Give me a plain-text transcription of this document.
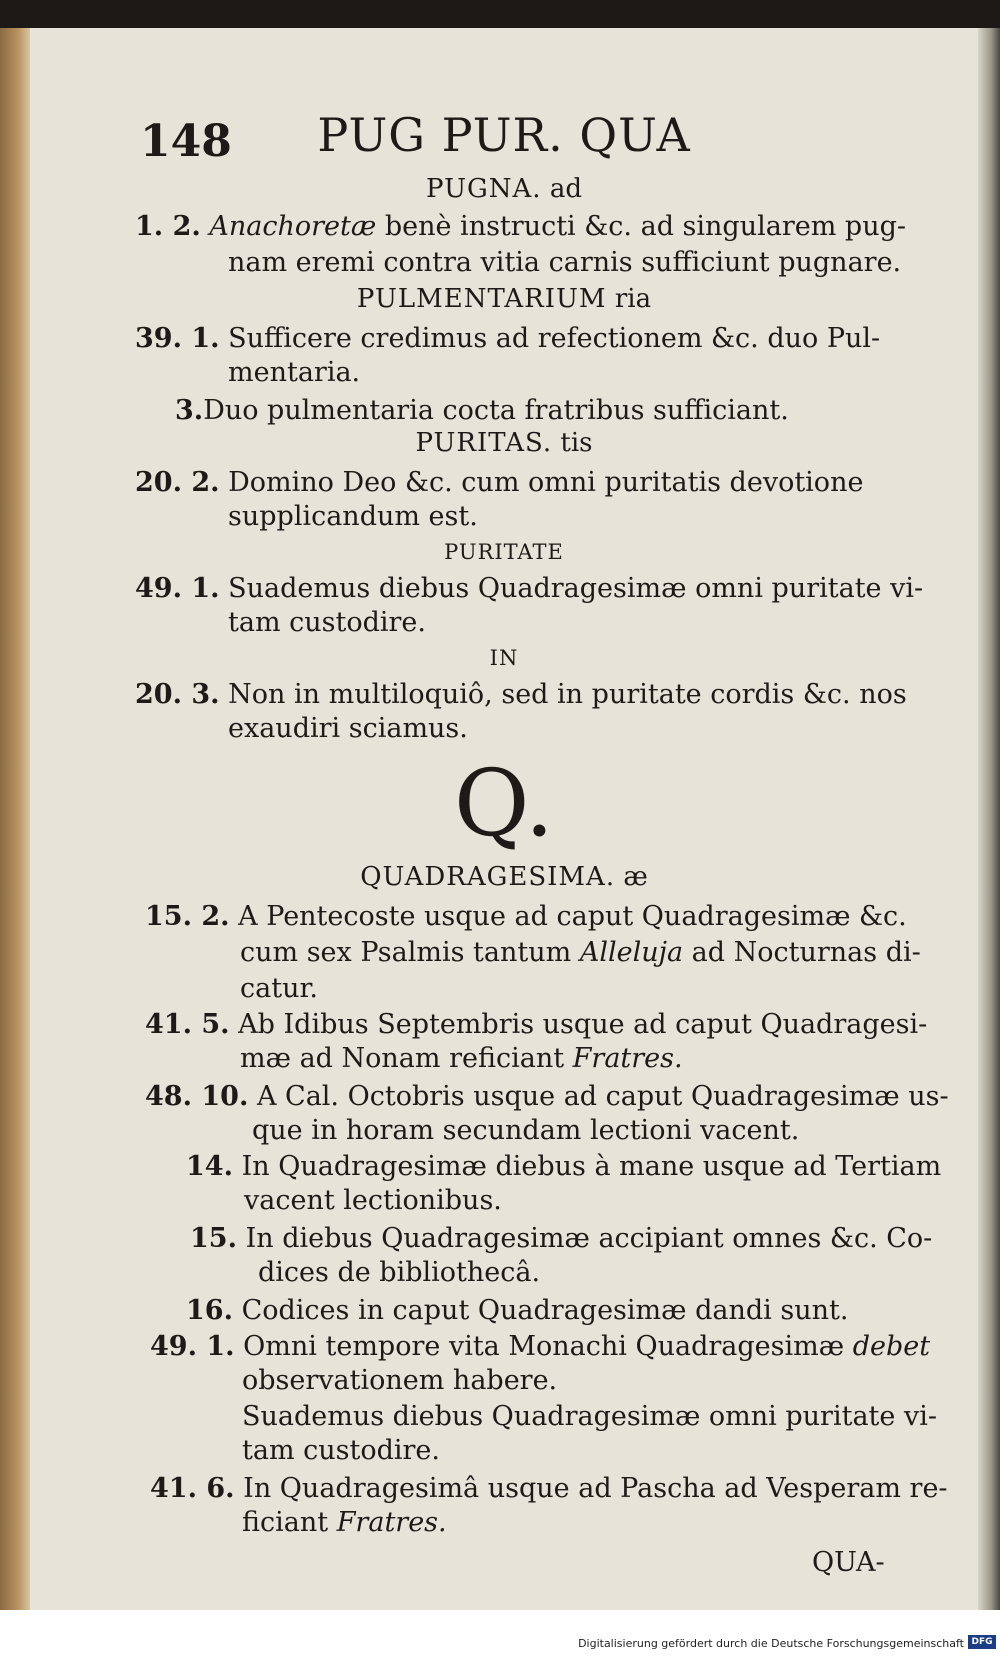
148	PUG PUR. QUA
PUGNA. ad
1. 2. Anachoretæ benè instructi &c. ad singularem pug-
nam eremi contra vitia carnis sufficiunt pugnare.
PULMENTARIUM ria
39. 1. Sufficere credimus ad refectionem &c. duo Pul-
mentaria.
3.Duo pulmentaria cocta fratribus sufficiant.
PURITAS. tis
20. 2. Domino Deo &c. cum omni puritatis devotione
supplicandum est.
PURITATE
49. 1. Suademus diebus Quadragesimæ omni puritate vi-
tam custodire.
IN
20. 3. Non in multiloquiô, sed in puritate cordis &c. nos
exaudiri sciamus.
Q.
QUADRAGESIMA. æ
15. 2. A Pentecoste usque ad caput Quadragesimæ &c.
cum sex Psalmis tantum Alleluja ad Nocturnas di-
catur.
41. 5. Ab Idibus Septembris usque ad caput Quadragesi-
mæ ad Nonam reficiant Fratres.
48. 10. A Cal. Octobris usque ad caput Quadragesimæ us-
que in horam secundam lectioni vacent.
14. In Quadragesimæ diebus à mane usque ad Tertiam
vacent lectionibus.
15. In diebus Quadragesimæ accipiant omnes &c. Co-
dices de bibliothecâ.
16. Codices in caput Quadragesimæ dandi sunt.
49. 1. Omni tempore vita Monachi Quadragesimæ debet
observationem habere.
Suademus diebus Quadragesimæ omni puritate vi-
tam custodire.
41. 6. In Quadragesimâ usque ad Pascha ad Vesperam re-
ficiant Fratres.
QUA-
Digitalisierung gefördert durch die Deutsche Forschungsgemeinschaft DFG
